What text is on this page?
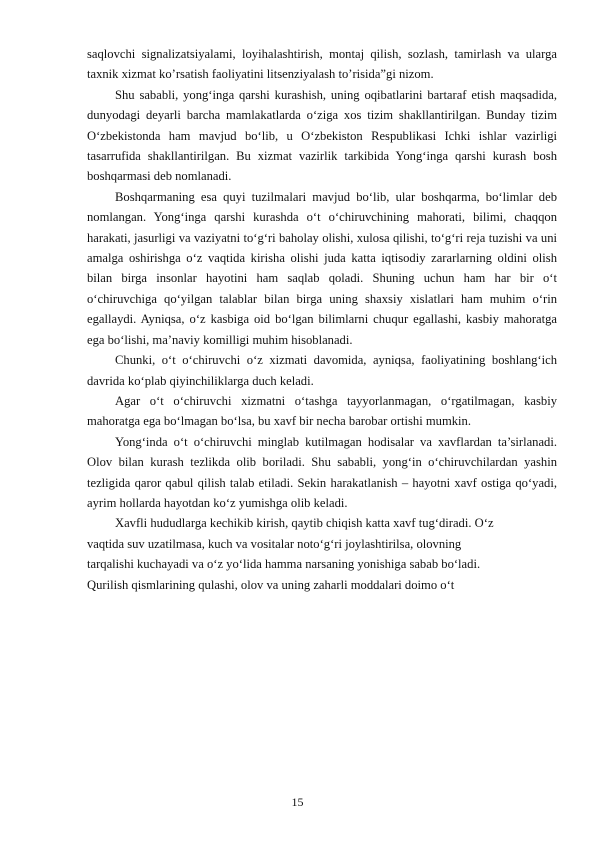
saqlovchi signalizatsiyalami, loyihalashtirish, montaj qilish, sozlash, tamirlash va ularga taxnik xizmat ko’rsatish faoliyatini litsenziyalash to’risida”gi nizom.

Shu sababli, yong‘inga qarshi kurashish, uning oqibatlarini bartaraf etish maqsadida, dunyodagi deyarli barcha mamlakatlarda o‘ziga xos tizim shakllantirilgan. Bunday tizim O‘zbekistonda ham mavjud bo‘lib, u O‘zbekiston Respublikasi Ichki ishlar vazirligi tasarrufida shakllantirilgan. Bu xizmat vazirlik tarkibida Yong‘inga qarshi kurash bosh boshqarmasi deb nomlanadi.

Boshqarmaning esa quyi tuzilmalari mavjud bo‘lib, ular boshqarma, bo‘limlar deb nomlangan. Yong‘inga qarshi kurashda o‘t o‘chiruvchining mahorati, bilimi, chaqqon harakati, jasurligi va vaziyatni to‘g‘ri baholay olishi, xulosa qilishi, to‘g‘ri reja tuzishi va uni amalga oshirishga o‘z vaqtida kirisha olishi juda katta iqtisodiy zararlarning oldini olish bilan birga insonlar hayotini ham saqlab qoladi. Shuning uchun ham har bir o‘t o‘chiruvchiga qo‘yilgan talablar bilan birga uning shaxsiy xislatlari ham muhim o‘rin egallaydi. Ayniqsa, o‘z kasbiga oid bo‘lgan bilimlarni chuqur egallashi, kasbiy mahoratga ega bo‘lishi, ma’naviy komilligi muhim hisoblanadi.

Chunki, o‘t o‘chiruvchi o‘z xizmati davomida, ayniqsa, faoliyatining boshlang‘ich davrida ko‘plab qiyinchiliklarga duch keladi.

Agar o‘t o‘chiruvchi xizmatni o‘tashga tayyorlanmagan, o‘rgatilmagan, kasbiy mahoratga ega bo‘lmagan bo‘lsa, bu xavf bir necha barobar ortishi mumkin.

Yong‘inda o‘t o‘chiruvchi minglab kutilmagan hodisalar va xavflardan ta’sirlanadi. Olov bilan kurash tezlikda olib boriladi. Shu sababli, yong‘in o‘chiruvchilardan yashin tezligida qaror qabul qilish talab etiladi. Sekin harakatlanish – hayotni xavf ostiga qo‘yadi, ayrim hollarda hayotdan ko‘z yumishga olib keladi.

Xavfli hududlarga kechikib kirish, qaytib chiqish katta xavf tug‘diradi. O‘z
vaqtida suv uzatilmasa, kuch va vositalar noto‘g‘ri joylashtirilsa, olovning
tarqalishi kuchayadi va o‘z yo‘lida hamma narsaning yonishiga sabab bo‘ladi.
Qurilish qismlarining qulashi, olov va uning zaharli moddalari doimo o‘t
15
